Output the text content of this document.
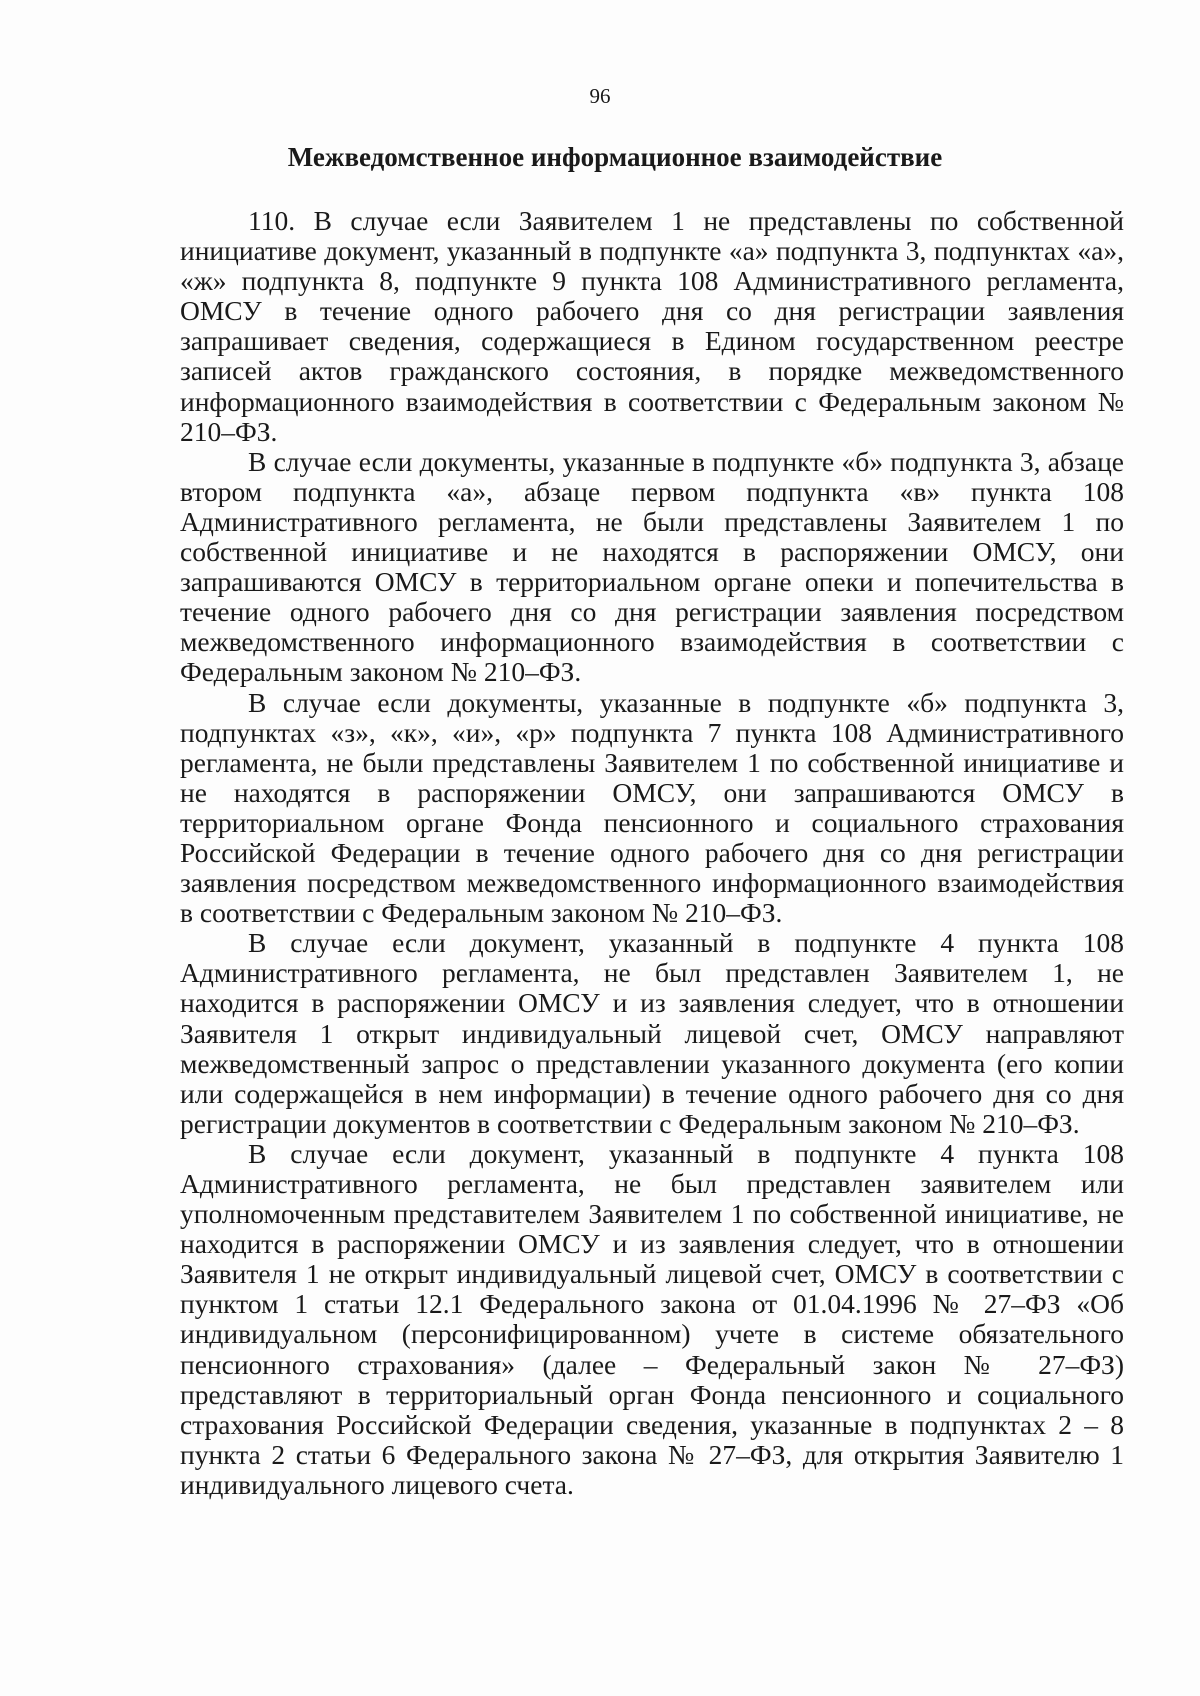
96
Межведомственное информационное взаимодействие

110. В случае если Заявителем 1 не представлены по собственной инициативе документ, указанный в подпункте «а» подпункта 3, подпунктах «а», «ж» подпункта 8, подпункте 9 пункта 108 Административного регламента, ОМСУ в течение одного рабочего дня со дня регистрации заявления запрашивает сведения, содержащиеся в Едином государственном реестре записей актов гражданского состояния, в порядке межведомственного информационного взаимодействия в соответствии с Федеральным законом № 210–ФЗ.

В случае если документы, указанные в подпункте «б» подпункта 3, абзаце втором подпункта «а», абзаце первом подпункта «в» пункта 108 Административного регламента, не были представлены Заявителем 1 по собственной инициативе и не находятся в распоряжении ОМСУ, они запрашиваются ОМСУ в территориальном органе опеки и попечительства в течение одного рабочего дня со дня регистрации заявления посредством межведомственного информационного взаимодействия в соответствии с Федеральным законом № 210–ФЗ.

В случае если документы, указанные в подпункте «б» подпункта 3, подпунктах «з», «к», «и», «р» подпункта 7 пункта 108 Административного регламента, не были представлены Заявителем 1 по собственной инициативе и не находятся в распоряжении ОМСУ, они запрашиваются ОМСУ в территориальном органе Фонда пенсионного и социального страхования Российской Федерации в течение одного рабочего дня со дня регистрации заявления посредством межведомственного информационного взаимодействия в соответствии с Федеральным законом № 210–ФЗ.

В случае если документ, указанный в подпункте 4 пункта 108 Административного регламента, не был представлен Заявителем 1, не находится в распоряжении ОМСУ и из заявления следует, что в отношении Заявителя 1 открыт индивидуальный лицевой счет, ОМСУ направляют межведомственный запрос о представлении указанного документа (его копии или содержащейся в нем информации) в течение одного рабочего дня со дня регистрации документов в соответствии с Федеральным законом № 210–ФЗ.

В случае если документ, указанный в подпункте 4 пункта 108 Административного регламента, не был представлен заявителем или уполномоченным представителем Заявителем 1 по собственной инициативе, не находится в распоряжении ОМСУ и из заявления следует, что в отношении Заявителя 1 не открыт индивидуальный лицевой счет, ОМСУ в соответствии с пунктом 1 статьи 12.1 Федерального закона от 01.04.1996 № 27–ФЗ «Об индивидуальном (персонифицированном) учете в системе обязательного пенсионного страхования» (далее – Федеральный закон № 27–ФЗ) представляют в территориальный орган Фонда пенсионного и социального страхования Российской Федерации сведения, указанные в подпунктах 2 – 8 пункта 2 статьи 6 Федерального закона № 27–ФЗ, для открытия Заявителю 1 индивидуального лицевого счета.
